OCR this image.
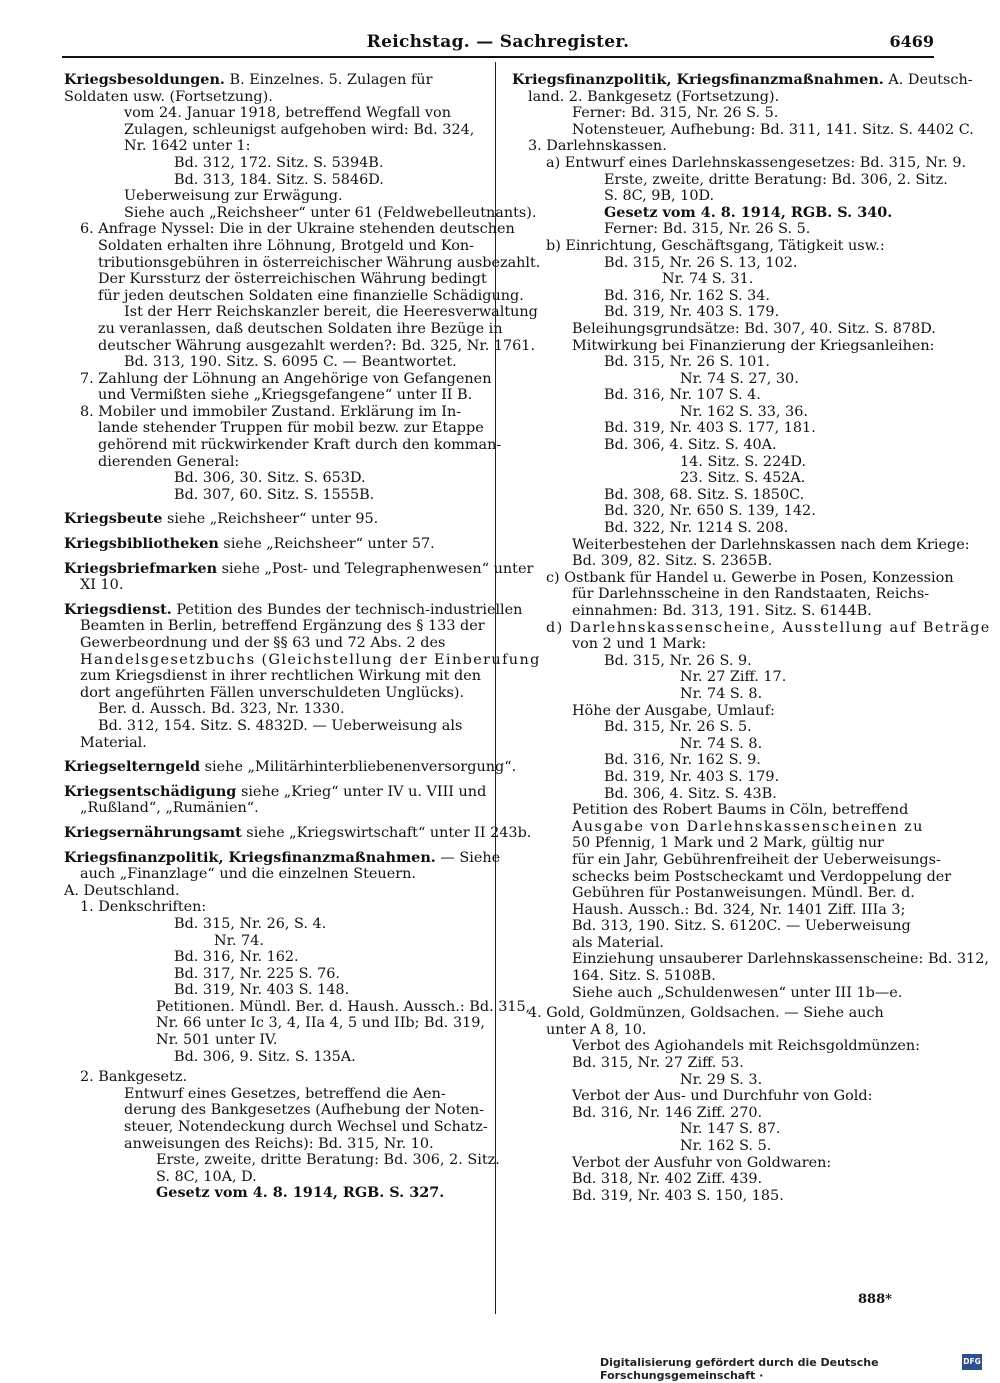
Reichstag. — Sachregister.	6469
Kriegsbesoldungen. B. Einzelnes. 5. Zulagen für
Soldaten usw. (Fortsetzung).
vom 24. Januar 1918, betreffend Wegfall von
Zulagen, schleunigst aufgehoben wird: Bd. 324,
Nr. 1642 unter 1:
Bd. 312, 172. Sitz. S. 5394B.
Bd. 313, 184. Sitz. S. 5846D.
Ueberweisung zur Erwägung.
Siehe auch „Reichsheer“ unter 61 (Feldwebelleutnants).
6. Anfrage Nyssel: Die in der Ukraine stehenden deutschen
Soldaten erhalten ihre Löhnung, Brotgeld und Kon-
tributionsgebühren in österreichischer Währung ausbezahlt.
Der Kurssturz der österreichischen Währung bedingt
für jeden deutschen Soldaten eine finanzielle Schädigung.
Ist der Herr Reichskanzler bereit, die Heeresverwaltung
zu veranlassen, daß deutschen Soldaten ihre Bezüge in
deutscher Währung ausgezahlt werden?: Bd. 325, Nr. 1761.
Bd. 313, 190. Sitz. S. 6095 C. — Beantwortet.
7. Zahlung der Löhnung an Angehörige von Gefangenen
und Vermißten siehe „Kriegsgefangene“ unter II B.
8. Mobiler und immobiler Zustand. Erklärung im In-
lande stehender Truppen für mobil bezw. zur Etappe
gehörend mit rückwirkender Kraft durch den komman-
dierenden General:
Bd. 306, 30. Sitz. S. 653D.
Bd. 307, 60. Sitz. S. 1555B.
Kriegsbeute siehe „Reichsheer“ unter 95.
Kriegsbibliotheken siehe „Reichsheer“ unter 57.
Kriegsbriefmarken siehe „Post- und Telegraphenwesen“ unter
XI 10.
Kriegsdienst. Petition des Bundes der technisch-industriellen
Beamten in Berlin, betreffend Ergänzung des § 133 der
Gewerbeordnung und der §§ 63 und 72 Abs. 2 des
Handelsgesetzbuchs (Gleichstellung der Einberufung
zum Kriegsdienst in ihrer rechtlichen Wirkung mit den
dort angeführten Fällen unverschuldeten Unglücks).
Ber. d. Aussch. Bd. 323, Nr. 1330.
Bd. 312, 154. Sitz. S. 4832D. — Ueberweisung als
Material.
Kriegselterngeld siehe „Militärhinterbliebenenversorgung“.
Kriegsentschädigung siehe „Krieg“ unter IV u. VIII und
„Rußland“, „Rumänien“.
Kriegsernährungsamt siehe „Kriegswirtschaft“ unter II 243b.
Kriegsfinanzpolitik, Kriegsfinanzmaßnahmen. — Siehe
auch „Finanzlage“ und die einzelnen Steuern.
A. Deutschland.
1. Denkschriften:
Bd. 315, Nr. 26, S. 4.
Nr. 74.
Bd. 316, Nr. 162.
Bd. 317, Nr. 225 S. 76.
Bd. 319, Nr. 403 S. 148.
Petitionen. Mündl. Ber. d. Haush. Aussch.: Bd. 315,
Nr. 66 unter Ic 3, 4, IIa 4, 5 und IIb; Bd. 319,
Nr. 501 unter IV.
Bd. 306, 9. Sitz. S. 135A.
2. Bankgesetz.
Entwurf eines Gesetzes, betreffend die Aen-
derung des Bankgesetzes (Aufhebung der Noten-
steuer, Notendeckung durch Wechsel und Schatz-
anweisungen des Reichs): Bd. 315, Nr. 10.
Erste, zweite, dritte Beratung: Bd. 306, 2. Sitz.
S. 8C, 10A, D.
Gesetz vom 4. 8. 1914, RGB. S. 327.
Kriegsfinanzpolitik, Kriegsfinanzmaßnahmen. A. Deutsch-
land. 2. Bankgesetz (Fortsetzung).
Ferner: Bd. 315, Nr. 26 S. 5.
Notensteuer, Aufhebung: Bd. 311, 141. Sitz. S. 4402 C.
3. Darlehnskassen.
a) Entwurf eines Darlehnskassengesetzes: Bd. 315, Nr. 9.
Erste, zweite, dritte Beratung: Bd. 306, 2. Sitz.
S. 8C, 9B, 10D.
Gesetz vom 4. 8. 1914, RGB. S. 340.
Ferner: Bd. 315, Nr. 26 S. 5.
b) Einrichtung, Geschäftsgang, Tätigkeit usw.:
Bd. 315, Nr. 26 S. 13, 102.
Nr. 74 S. 31.
Bd. 316, Nr. 162 S. 34.
Bd. 319, Nr. 403 S. 179.
Beleihungsgrundsätze: Bd. 307, 40. Sitz. S. 878D.
Mitwirkung bei Finanzierung der Kriegsanleihen:
Bd. 315, Nr. 26 S. 101.
Nr. 74 S. 27, 30.
Bd. 316, Nr. 107 S. 4.
Nr. 162 S. 33, 36.
Bd. 319, Nr. 403 S. 177, 181.
Bd. 306, 4. Sitz. S. 40A.
14. Sitz. S. 224D.
23. Sitz. S. 452A.
Bd. 308, 68. Sitz. S. 1850C.
Bd. 320, Nr. 650 S. 139, 142.
Bd. 322, Nr. 1214 S. 208.
Weiterbestehen der Darlehnskassen nach dem Kriege:
Bd. 309, 82. Sitz. S. 2365B.
c) Ostbank für Handel u. Gewerbe in Posen, Konzession
für Darlehnsscheine in den Randstaaten, Reichs-
einnahmen: Bd. 313, 191. Sitz. S. 6144B.
d) Darlehnskassenscheine, Ausstellung auf Beträge
von 2 und 1 Mark:
Bd. 315, Nr. 26 S. 9.
Nr. 27 Ziff. 17.
Nr. 74 S. 8.
Höhe der Ausgabe, Umlauf:
Bd. 315, Nr. 26 S. 5.
Nr. 74 S. 8.
Bd. 316, Nr. 162 S. 9.
Bd. 319, Nr. 403 S. 179.
Bd. 306, 4. Sitz. S. 43B.
Petition des Robert Baums in Cöln, betreffend
Ausgabe von Darlehnskassenscheinen zu
50 Pfennig, 1 Mark und 2 Mark, gültig nur
für ein Jahr, Gebührenfreiheit der Ueberweisungs-
schecks beim Postscheckamt und Verdoppelung der
Gebühren für Postanweisungen. Mündl. Ber. d.
Haush. Aussch.: Bd. 324, Nr. 1401 Ziff. IIIa 3;
Bd. 313, 190. Sitz. S. 6120C. — Ueberweisung
als Material.
Einziehung unsauberer Darlehnskassenscheine: Bd. 312,
164. Sitz. S. 5108B.
Siehe auch „Schuldenwesen“ unter III 1b—e.
4. Gold, Goldmünzen, Goldsachen. — Siehe auch
unter A 8, 10.
Verbot des Agiohandels mit Reichsgoldmünzen:
Bd. 315, Nr. 27 Ziff. 53.
Nr. 29 S. 3.
Verbot der Aus- und Durchfuhr von Gold:
Bd. 316, Nr. 146 Ziff. 270.
Nr. 147 S. 87.
Nr. 162 S. 5.
Verbot der Ausfuhr von Goldwaren:
Bd. 318, Nr. 402 Ziff. 439.
Bd. 319, Nr. 403 S. 150, 185.
888*
Digitalisierung gefördert durch die Deutsche Forschungsgemeinschaft ·
DFG
